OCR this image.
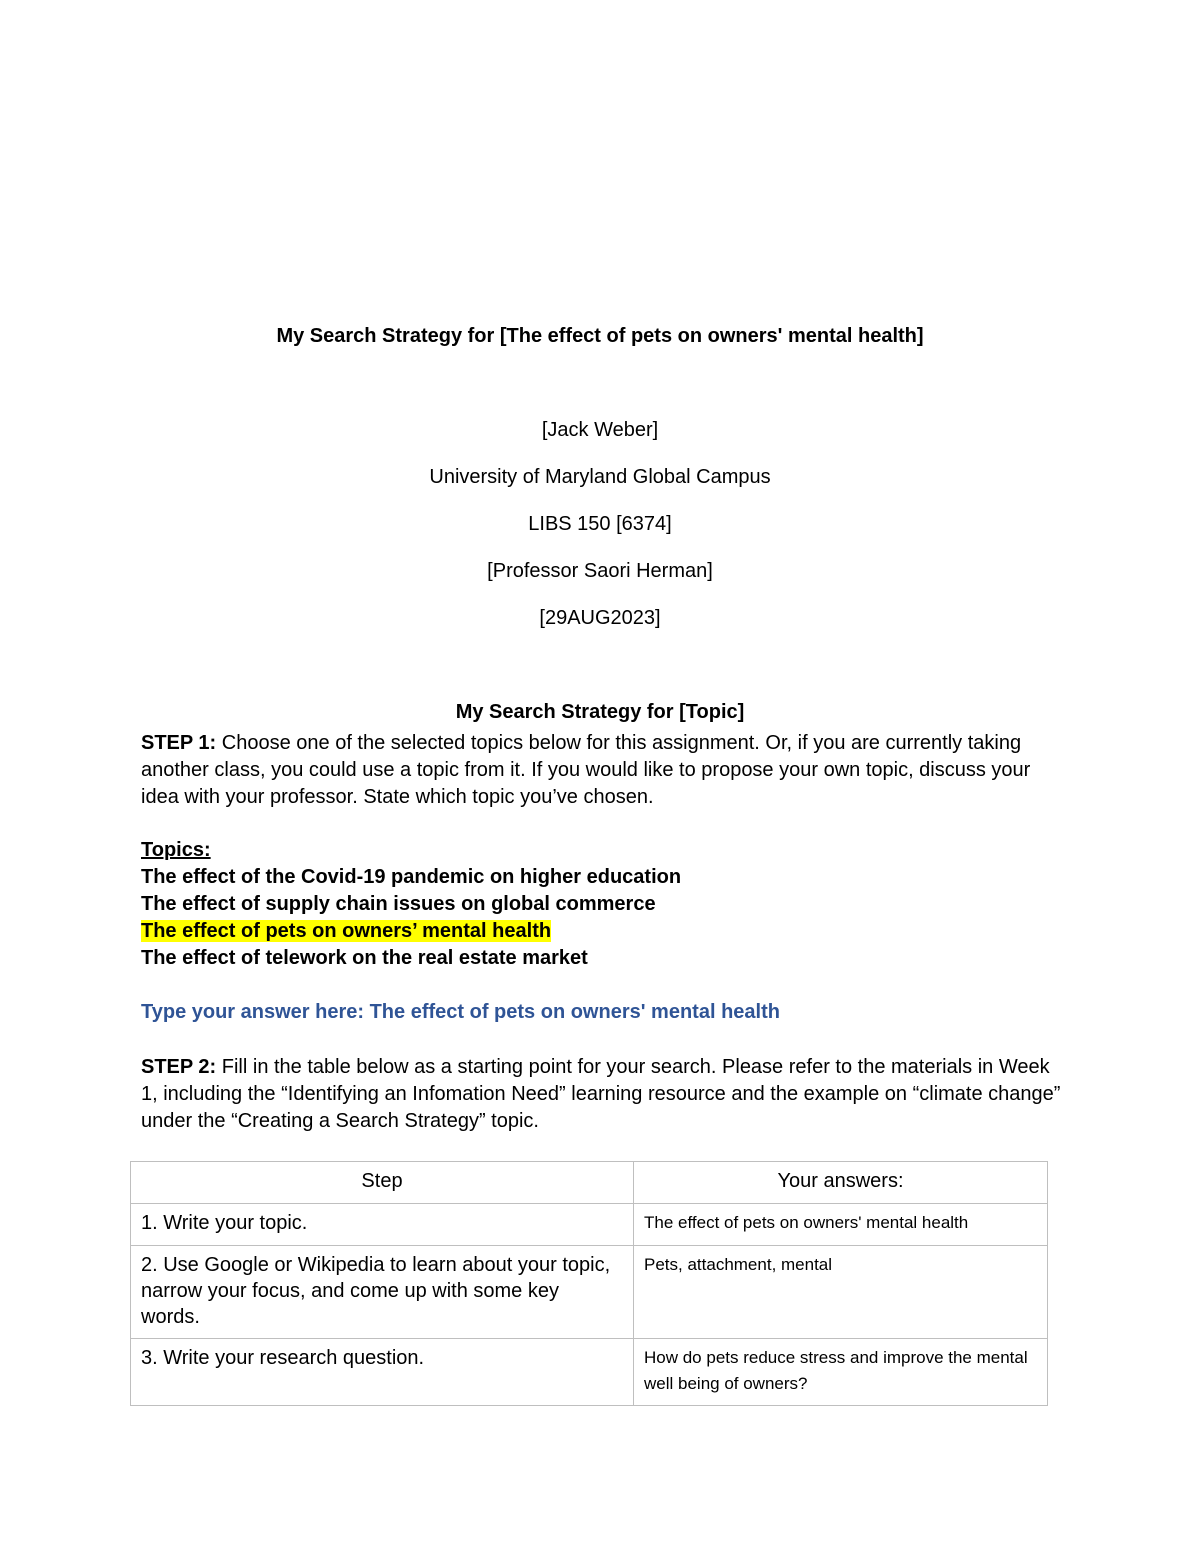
My Search Strategy for [The effect of pets on owners' mental health]
[Jack Weber]
University of Maryland Global Campus
LIBS 150 [6374]
[Professor Saori Herman]
[29AUG2023]
My Search Strategy for [Topic]
STEP 1: Choose one of the selected topics below for this assignment. Or, if you are currently taking another class, you could use a topic from it. If you would like to propose your own topic, discuss your idea with your professor. State which topic you’ve chosen.
Topics:
The effect of the Covid-19 pandemic on higher education
The effect of supply chain issues on global commerce
The effect of pets on owners’ mental health
The effect of telework on the real estate market
Type your answer here: The effect of pets on owners' mental health
STEP 2: Fill in the table below as a starting point for your search. Please refer to the materials in Week 1, including the “Identifying an Infomation Need” learning resource and the example on “climate change” under the “Creating a Search Strategy” topic.
Step	Your answers:
1. Write your topic.	The effect of pets on owners' mental health
2. Use Google or Wikipedia to learn about your topic, narrow your focus, and come up with some key words.	Pets, attachment, mental
3. Write your research question.	How do pets reduce stress and improve the mental well being of owners?
